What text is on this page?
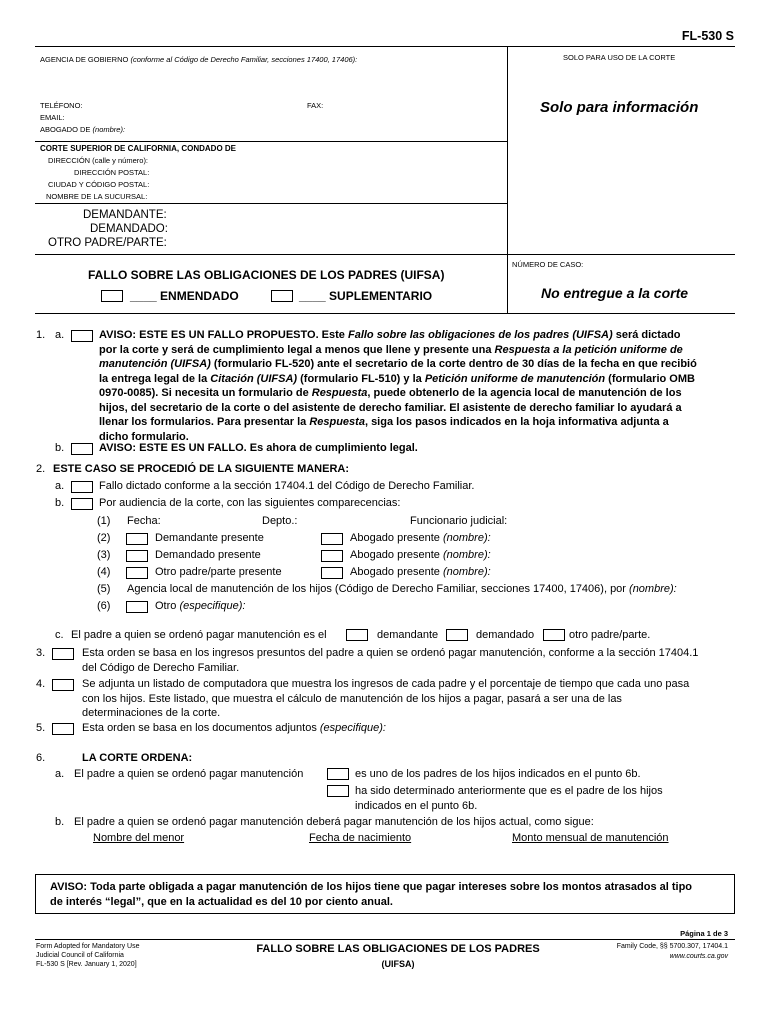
FL-530 S
AGENCIA DE GOBIERNO (conforme al Código de Derecho Familiar, secciones 17400, 17406):	SOLO PARA USO DE LA CORTE
TELÉFONO:	FAX:
EMAIL:
ABOGADO DE (nombre):
Solo para información
CORTE SUPERIOR DE CALIFORNIA, CONDADO DE
DIRECCIÓN (calle y número):
DIRECCIÓN POSTAL:
CIUDAD Y CÓDIGO POSTAL:
NOMBRE DE LA SUCURSAL:
DEMANDANTE:
DEMANDADO:
OTRO PADRE/PARTE:
NÚMERO DE CASO:
FALLO SOBRE LAS OBLIGACIONES DE LOS PADRES (UIFSA)
____ ENMENDADO	____ SUPLEMENTARIO	No entregue a la corte
1. a.	AVISO: ESTE ES UN FALLO PROPUESTO. Este Fallo sobre las obligaciones de los padres (UIFSA) será dictado
por la corte y será de cumplimiento legal a menos que llene y presente una Respuesta a la petición uniforme de
manutención (UIFSA) (formulario FL-520) ante el secretario de la corte dentro de 30 días de la fecha en que recibió
la entrega legal de la Citación (UIFSA) (formulario FL-510) y la Petición uniforme de manutención (formulario OMB
0970-0085). Si necesita un formulario de Respuesta, puede obtenerlo de la agencia local de manutención de los
hijos, del secretario de la corte o del asistente de derecho familiar. El asistente de derecho familiar lo ayudará a
llenar los formularios. Para presentar la Respuesta, siga los pasos indicados en la hoja informativa adjunta a
dicho formulario.
b.	AVISO: ESTE ES UN FALLO. Es ahora de cumplimiento legal.
2. ESTE CASO SE PROCEDIÓ DE LA SIGUIENTE MANERA:
a.	Fallo dictado conforme a la sección 17404.1 del Código de Derecho Familiar.
b.	Por audiencia de la corte, con las siguientes comparecencias:
(1) Fecha:	Depto.:	Funcionario judicial:
(2)	Demandante presente	Abogado presente (nombre):
(3)	Demandado presente	Abogado presente (nombre):
(4)	Otro padre/parte presente	Abogado presente (nombre):
(5) Agencia local de manutención de los hijos (Código de Derecho Familiar, secciones 17400, 17406), por (nombre):
(6)	Otro (especifique):
c. El padre a quien se ordenó pagar manutención es el	demandante	demandado	otro padre/parte.
3.	Esta orden se basa en los ingresos presuntos del padre a quien se ordenó pagar manutención, conforme a la sección 17404.1
del Código de Derecho Familiar.
4.	Se adjunta un listado de computadora que muestra los ingresos de cada padre y el porcentaje de tiempo que cada uno pasa
con los hijos. Este listado, que muestra el cálculo de manutención de los hijos a pagar, pasará a ser una de las
determinaciones de la corte.
5.	Esta orden se basa en los documentos adjuntos (especifique):
6.	LA CORTE ORDENA:
a. El padre a quien se ordenó pagar manutención	es uno de los padres de los hijos indicados en el punto 6b.
ha sido determinado anteriormente que es el padre de los hijos
indicados en el punto 6b.
b. El padre a quien se ordenó pagar manutención deberá pagar manutención de los hijos actual, como sigue:
Nombre del menor	Fecha de nacimiento	Monto mensual de manutención
AVISO: Toda parte obligada a pagar manutención de los hijos tiene que pagar intereses sobre los montos atrasados al tipo
de interés “legal”, que en la actualidad es del 10 por ciento anual.
Página 1 de 3
Form Adopted for Mandatory Use
Judicial Council of California
FL-530 S [Rev. January 1, 2020]
FALLO SOBRE LAS OBLIGACIONES DE LOS PADRES
(UIFSA)
Family Code, §§ 5700.307, 17404.1
www.courts.ca.gov
